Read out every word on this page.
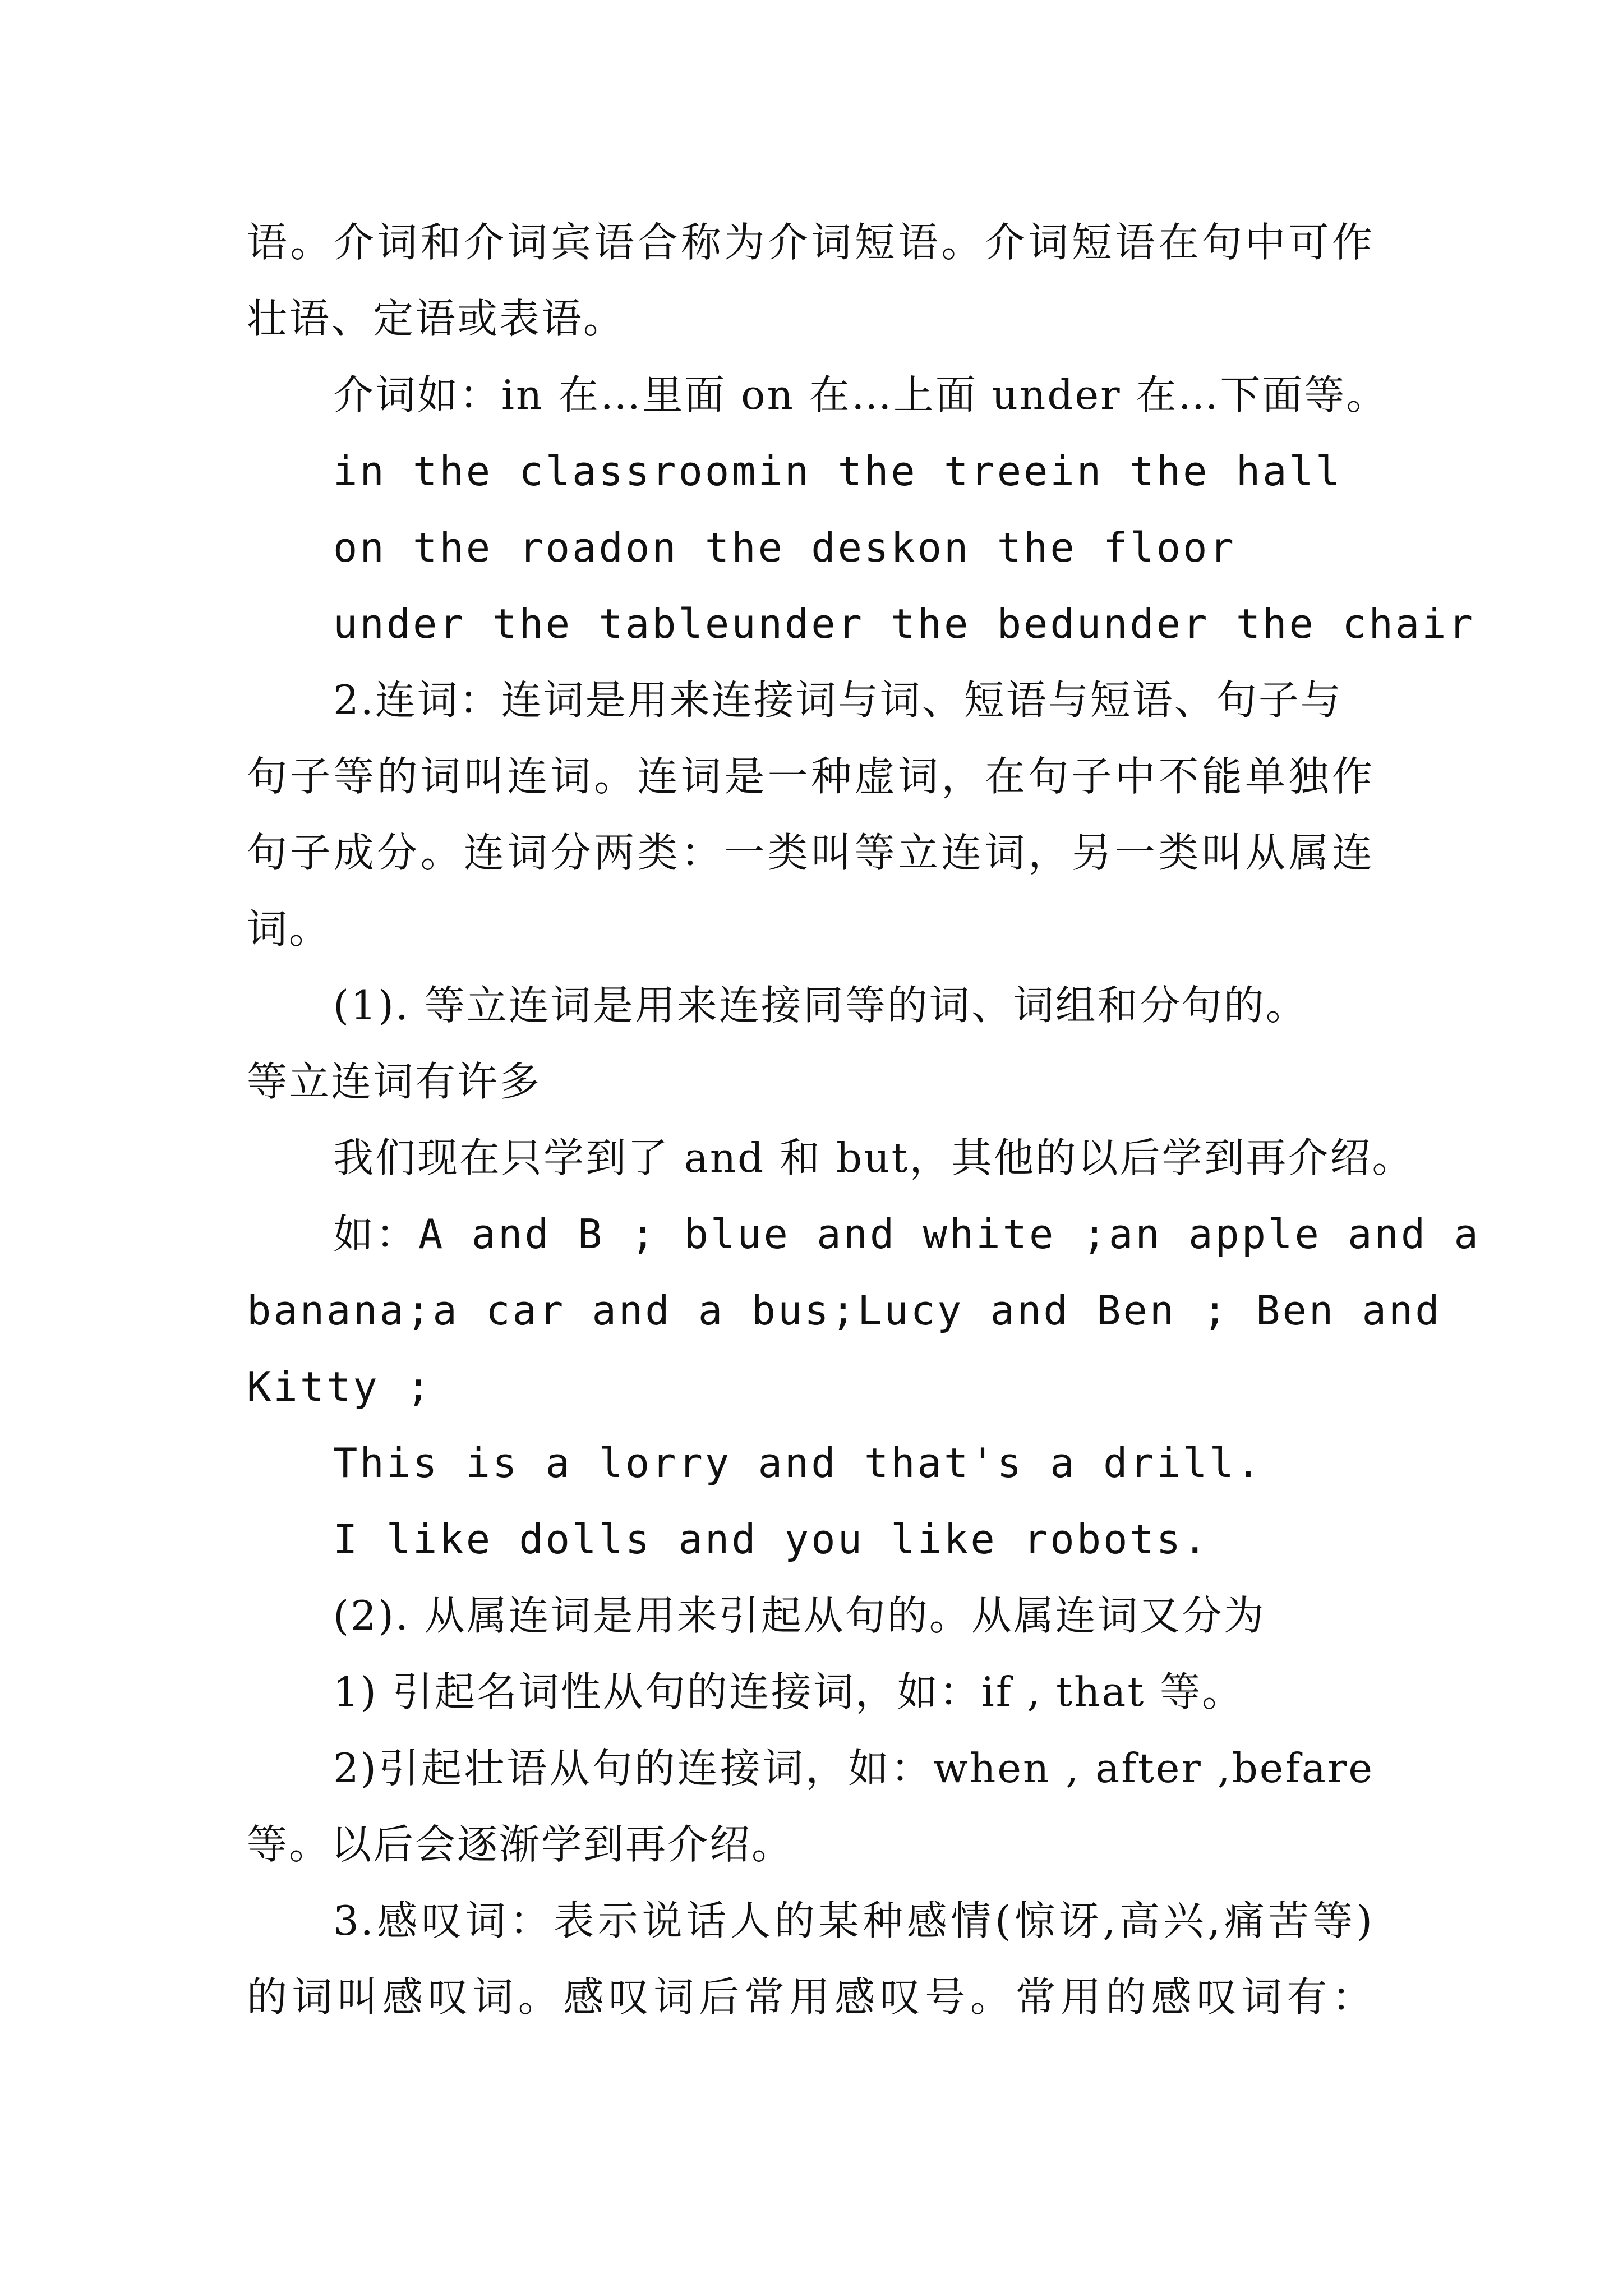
语。介词和介词宾语合称为介词短语。介词短语在句中可作
壮语、定语或表语。
介词如：in 在…里面 on 在…上面 under 在…下面等。
in the classroomin the treein the hall
on the roadon the deskon the floor
under the tableunder the bedunder the chair
2.连词：连词是用来连接词与词、短语与短语、句子与
句子等的词叫连词。连词是一种虚词，在句子中不能单独作
句子成分。连词分两类：一类叫等立连词，另一类叫从属连
词。
(1). 等立连词是用来连接同等的词、词组和分句的。
等立连词有许多
我们现在只学到了 and 和 but，其他的以后学到再介绍。
如：A and B ; blue and white ;an apple and a
banana;a car and a bus;Lucy and Ben ; Ben and
Kitty ;
This is a lorry and that's a drill.
I like dolls and you like robots.
(2). 从属连词是用来引起从句的。从属连词又分为
1) 引起名词性从句的连接词，如：if , that 等。
2)引起壮语从句的连接词，如：when , after ,befare
等。以后会逐渐学到再介绍。
3.感叹词：表示说话人的某种感情(惊讶,高兴,痛苦等)
的词叫感叹词。感叹词后常用感叹号。常用的感叹词有：
